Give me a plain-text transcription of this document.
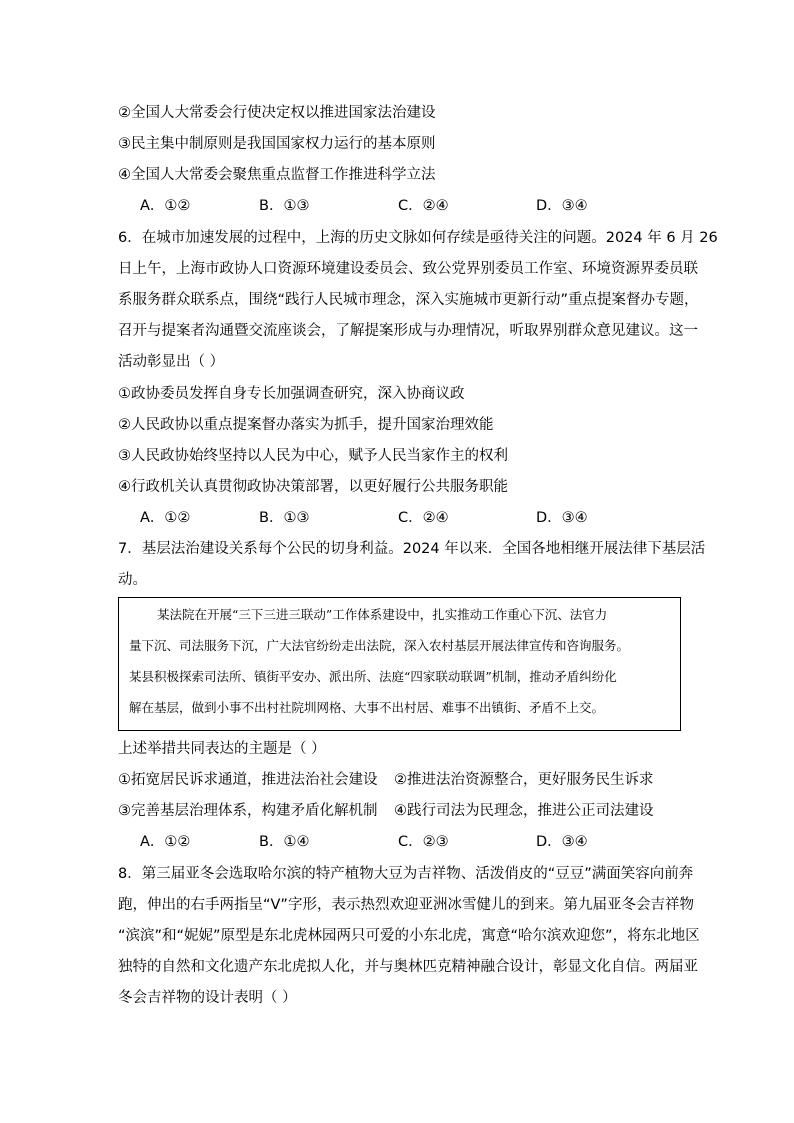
②全国人大常委会行使决定权以推进国家法治建设
③民主集中制原则是我国国家权力运行的基本原则
④全国人大常委会聚焦重点监督工作推进科学立法
A．①②	B．①③	C．②④	D．③④
6．在城市加速发展的过程中，上海的历史文脉如何存续是亟待关注的问题。2024 年 6 月 26
日上午，上海市政协人口资源环境建设委员会、致公党界别委员工作室、环境资源界委员联
系服务群众联系点，围绕“践行人民城市理念，深入实施城市更新行动”重点提案督办专题，
召开与提案者沟通暨交流座谈会，了解提案形成与办理情况，听取界别群众意见建议。这一
活动彰显出（ ）
①政协委员发挥自身专长加强调查研究，深入协商议政
②人民政协以重点提案督办落实为抓手，提升国家治理效能
③人民政协始终坚持以人民为中心，赋予人民当家作主的权利
④行政机关认真贯彻政协决策部署，以更好履行公共服务职能
A．①②	B．①③	C．②④	D．③④
7．基层法治建设关系每个公民的切身利益。2024 年以来．全国各地相继开展法律下基层活
动。
某法院在开展“三下三进三联动”工作体系建设中，扎实推动工作重心下沉、法官力
量下沉、司法服务下沉，广大法官纷纷走出法院，深入农村基层开展法律宣传和咨询服务。
某县积极探索司法所、镇街平安办、派出所、法庭“四家联动联调”机制，推动矛盾纠纷化
解在基层，做到小事不出村社院圳网格、大事不出村居、难事不出镇街、矛盾不上交。
上述举措共同表达的主题是（ ）
①拓宽居民诉求通道，推进法治社会建设 ②推进法治资源整合，更好服务民生诉求
③完善基层治理体系，构建矛盾化解机制 ④践行司法为民理念，推进公正司法建设
A．①②	B．①④	C．②③	D．③④
8．第三届亚冬会选取哈尔滨的特产植物大豆为吉祥物、活泼俏皮的“豆豆”满面笑容向前奔
跑，伸出的右手两指呈“V”字形，表示热烈欢迎亚洲冰雪健儿的到来。第九届亚冬会吉祥物
“滨滨”和“妮妮”原型是东北虎林园两只可爱的小东北虎，寓意“哈尔滨欢迎您”，将东北地区
独特的自然和文化遗产东北虎拟人化，并与奥林匹克精神融合设计，彰显文化自信。两届亚
冬会吉祥物的设计表明（ ）
